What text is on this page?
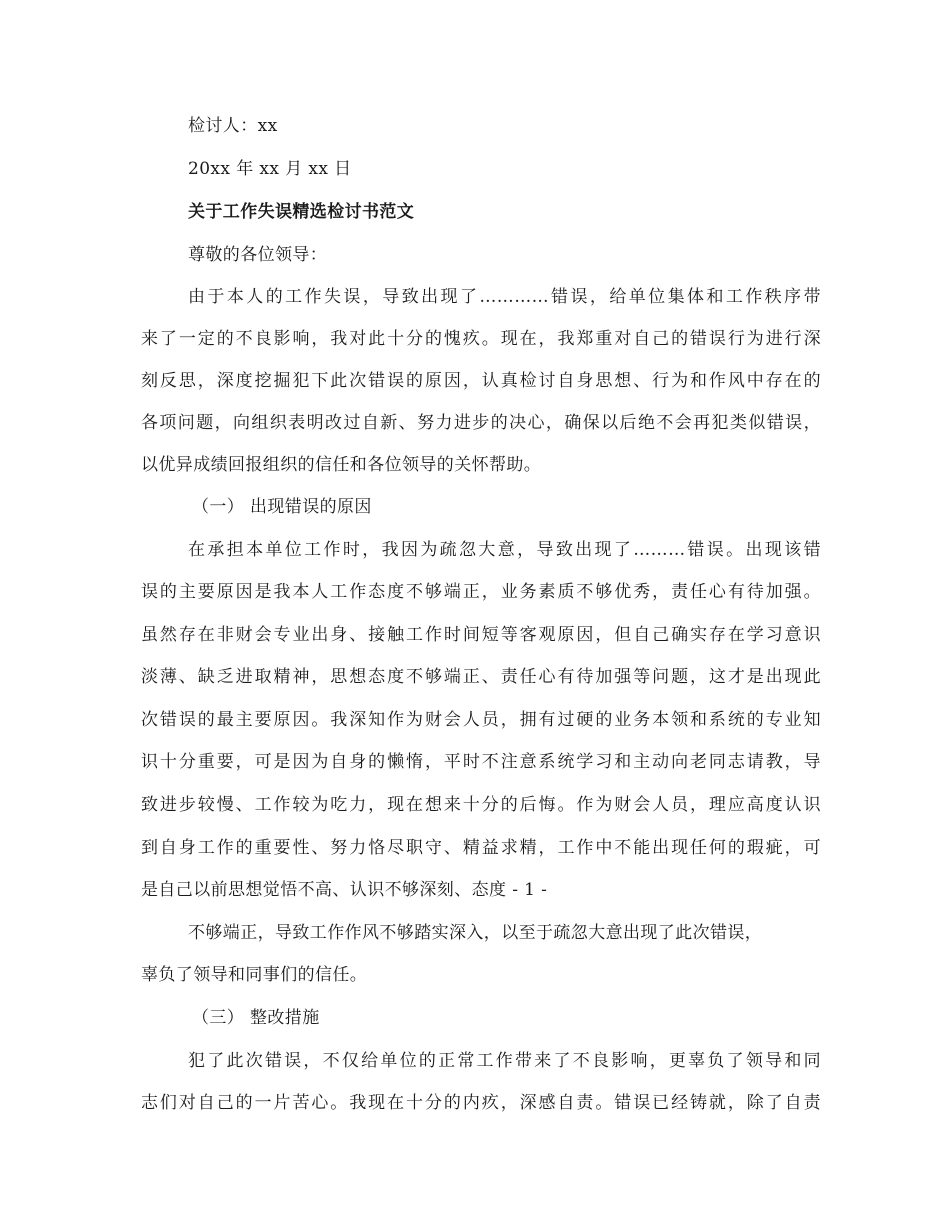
检讨人：xx
20xx 年 xx 月 xx 日
关于工作失误精选检讨书范文
尊敬的各位领导：
由于本人的工作失误，导致出现了…………错误，给单位集体和工作秩序带
来了一定的不良影响，我对此十分的愧疚。现在，我郑重对自己的错误行为进行深
刻反思，深度挖掘犯下此次错误的原因，认真检讨自身思想、行为和作风中存在的
各项问题，向组织表明改过自新、努力进步的决心，确保以后绝不会再犯类似错误，
以优异成绩回报组织的信任和各位领导的关怀帮助。
（一） 出现错误的原因
在承担本单位工作时，我因为疏忽大意，导致出现了………错误。出现该错
误的主要原因是我本人工作态度不够端正，业务素质不够优秀，责任心有待加强。
虽然存在非财会专业出身、接触工作时间短等客观原因，但自己确实存在学习意识
淡薄、缺乏进取精神，思想态度不够端正、责任心有待加强等问题，这才是出现此
次错误的最主要原因。我深知作为财会人员，拥有过硬的业务本领和系统的专业知
识十分重要，可是因为自身的懒惰，平时不注意系统学习和主动向老同志请教，导
致进步较慢、工作较为吃力，现在想来十分的后悔。作为财会人员，理应高度认识
到自身工作的重要性、努力恪尽职守、精益求精，工作中不能出现任何的瑕疵，可
是自己以前思想觉悟不高、认识不够深刻、态度 - 1 -
不够端正，导致工作作风不够踏实深入，以至于疏忽大意出现了此次错误，
辜负了领导和同事们的信任。
（三） 整改措施
犯了此次错误，不仅给单位的正常工作带来了不良影响，更辜负了领导和同
志们对自己的一片苦心。我现在十分的内疚，深感自责。错误已经铸就，除了自责
